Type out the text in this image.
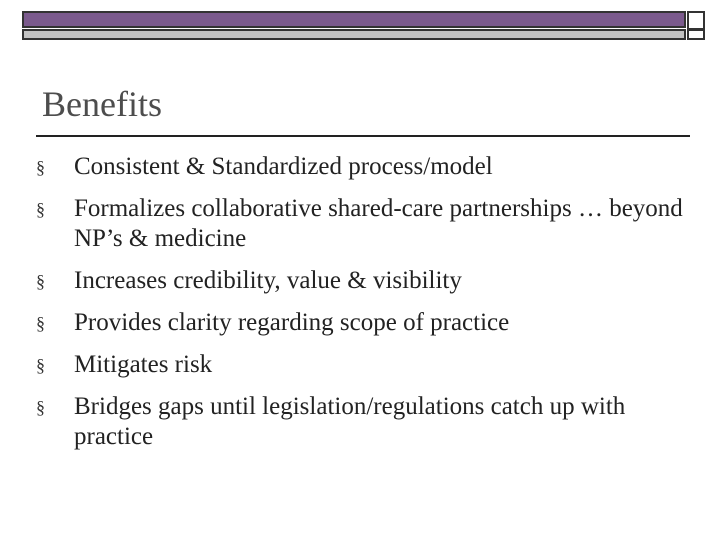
Benefits
§	Consistent & Standardized process/model
§	Formalizes collaborative shared-care partnerships … beyond NP’s & medicine
§	Increases credibility, value & visibility
§	Provides clarity regarding scope of practice
§	Mitigates risk
§	Bridges gaps until legislation/regulations catch up with practice
